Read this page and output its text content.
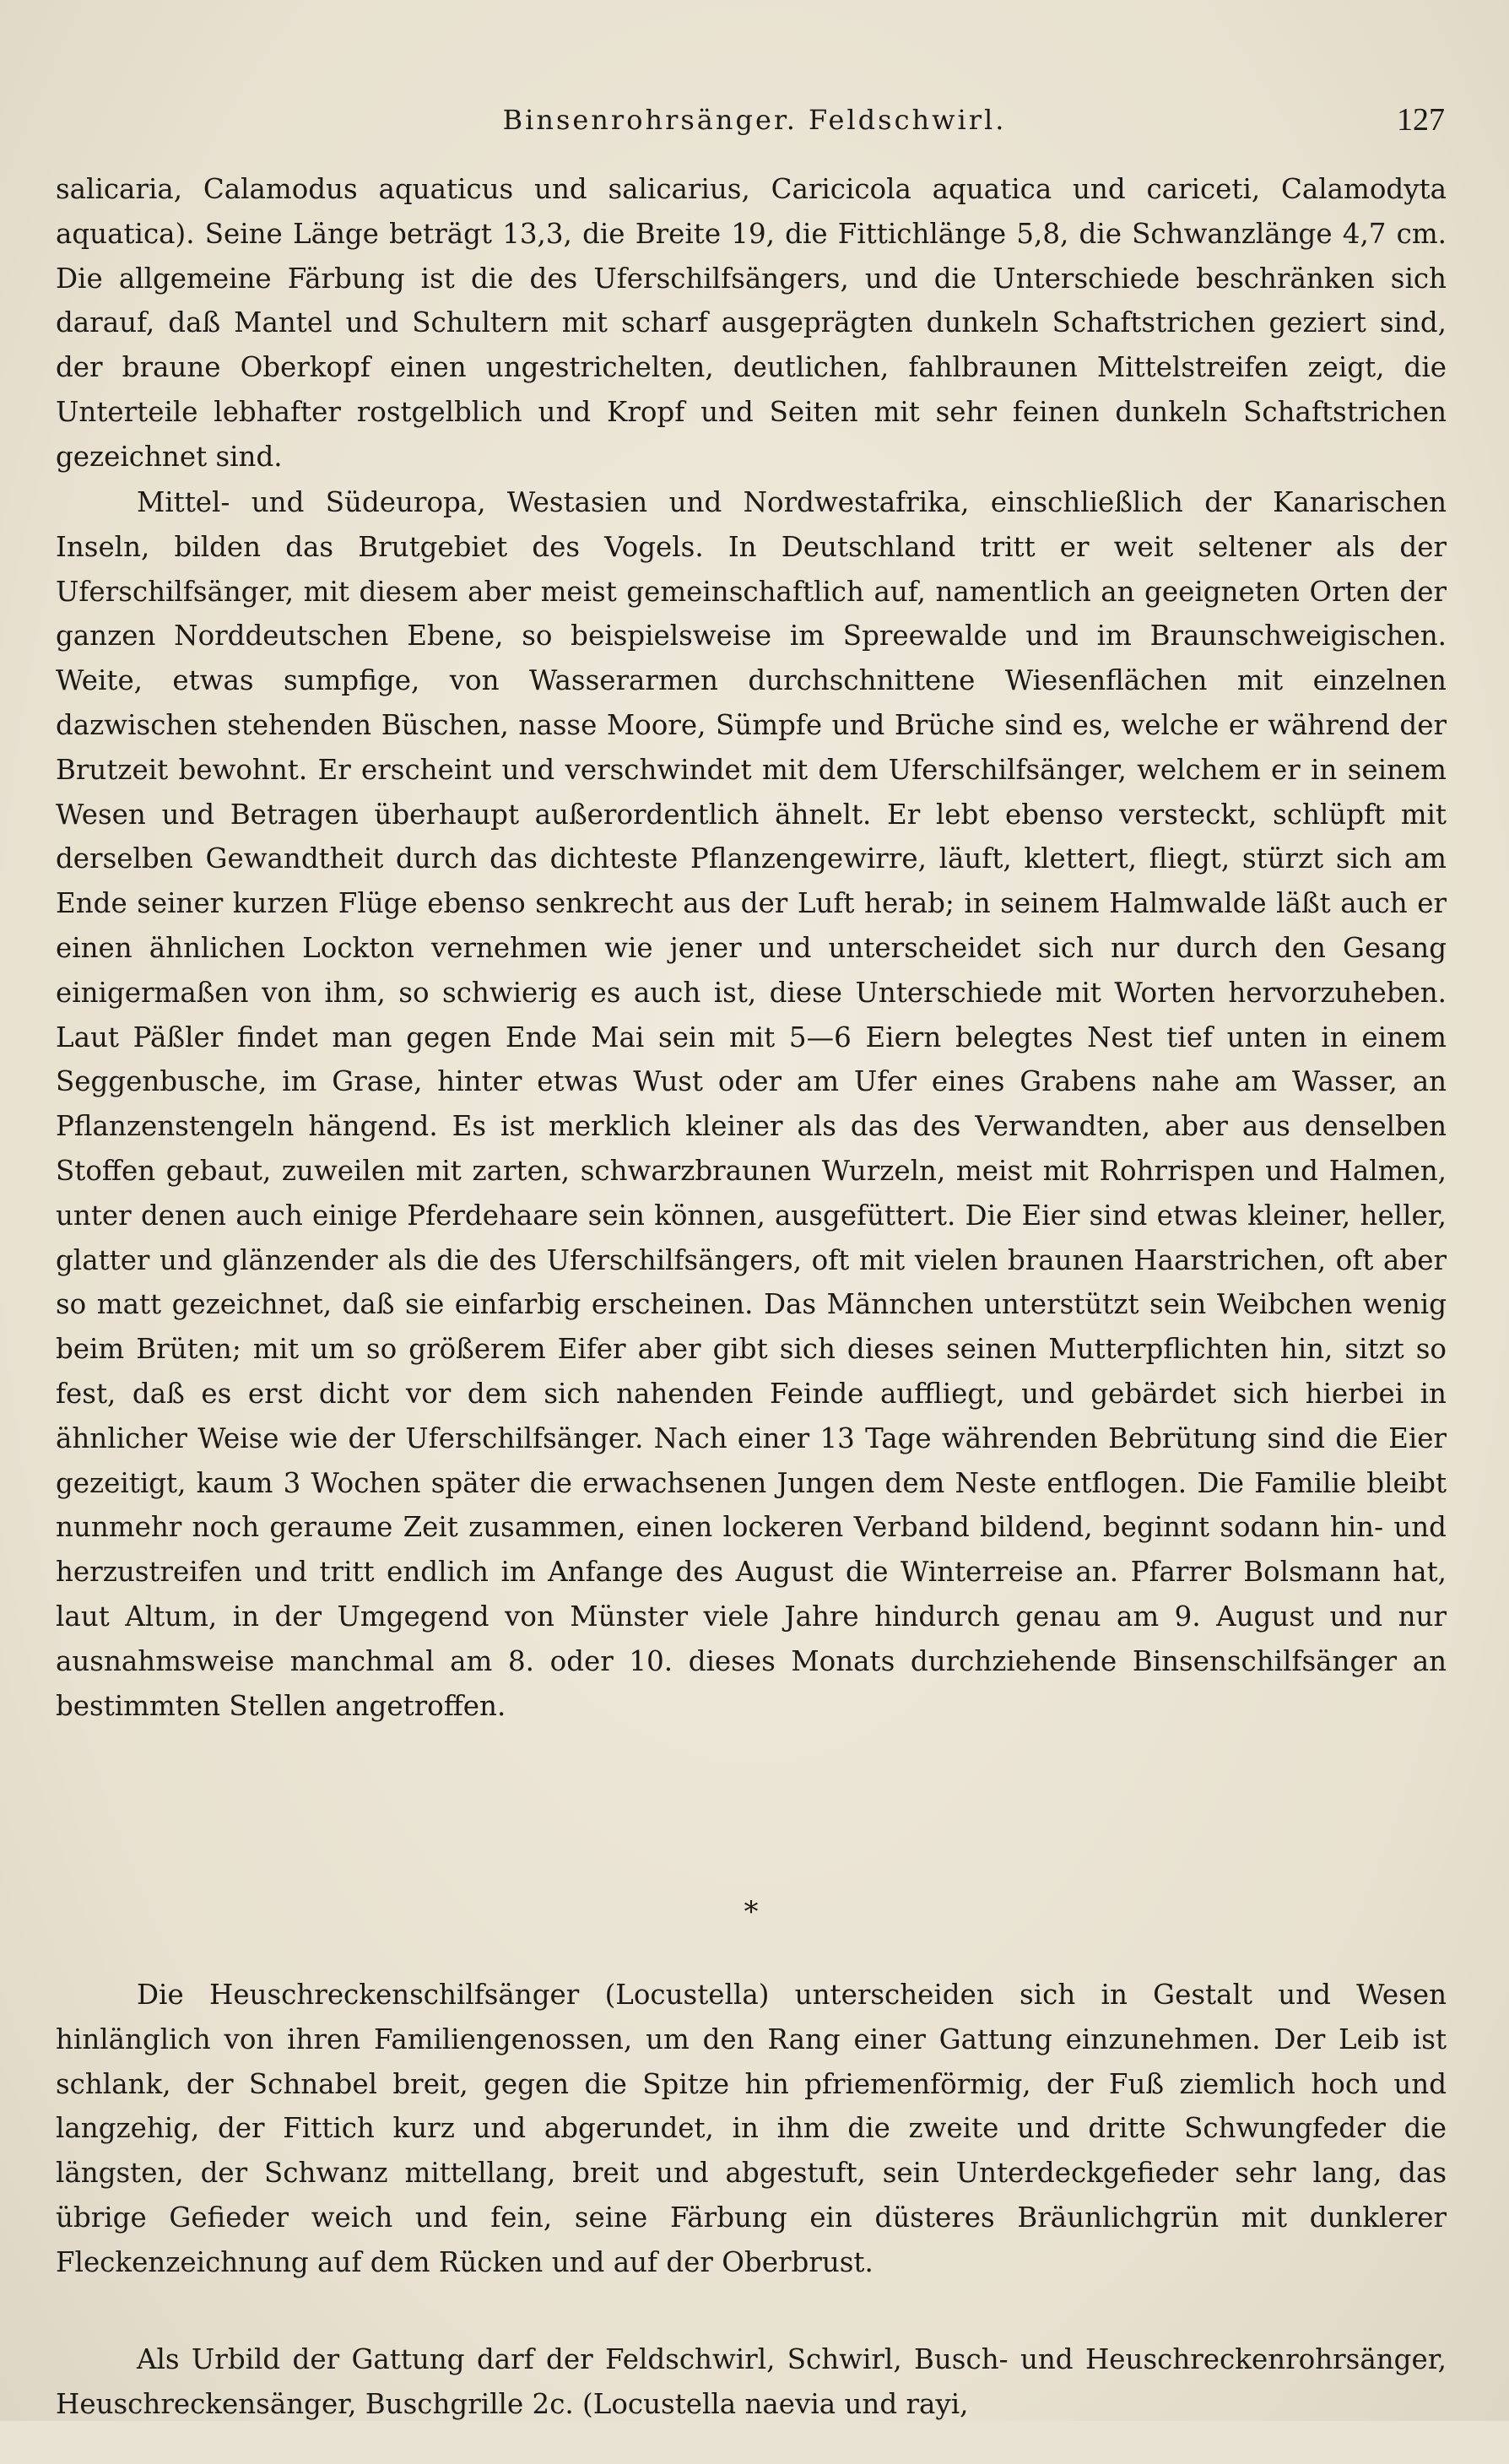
Binsenrohrsänger. Feldschwirl.	127

salicaria, Calamodus aquaticus und salicarius, Caricicola aquatica und cariceti, Calamodyta aquatica). Seine Länge beträgt 13,3, die Breite 19, die Fittichlänge 5,8, die Schwanzlänge 4,7 cm. Die allgemeine Färbung ist die des Uferschilfsängers, und die Unterschiede beschränken sich darauf, daß Mantel und Schultern mit scharf ausgeprägten dunkeln Schaftstrichen geziert sind, der braune Oberkopf einen ungestrichelten, deutlichen, fahlbraunen Mittelstreifen zeigt, die Unterteile lebhafter rostgelblich und Kropf und Seiten mit sehr feinen dunkeln Schaftstrichen gezeichnet sind.

Mittel- und Südeuropa, Westasien und Nordwestafrika, einschließlich der Kanarischen Inseln, bilden das Brutgebiet des Vogels. In Deutschland tritt er weit seltener als der Uferschilfsänger, mit diesem aber meist gemeinschaftlich auf, namentlich an geeigneten Orten der ganzen Norddeutschen Ebene, so beispielsweise im Spreewalde und im Braunschweigischen. Weite, etwas sumpfige, von Wasserarmen durchschnittene Wiesenflächen mit einzelnen dazwischen stehenden Büschen, nasse Moore, Sümpfe und Brüche sind es, welche er während der Brutzeit bewohnt. Er erscheint und verschwindet mit dem Uferschilfsänger, welchem er in seinem Wesen und Betragen überhaupt außerordentlich ähnelt. Er lebt ebenso versteckt, schlüpft mit derselben Gewandtheit durch das dichteste Pflanzengewirre, läuft, klettert, fliegt, stürzt sich am Ende seiner kurzen Flüge ebenso senkrecht aus der Luft herab; in seinem Halmwalde läßt auch er einen ähnlichen Lockton vernehmen wie jener und unterscheidet sich nur durch den Gesang einigermaßen von ihm, so schwierig es auch ist, diese Unterschiede mit Worten hervorzuheben. Laut Päßler findet man gegen Ende Mai sein mit 5—6 Eiern belegtes Nest tief unten in einem Seggenbusche, im Grase, hinter etwas Wust oder am Ufer eines Grabens nahe am Wasser, an Pflanzenstengeln hängend. Es ist merklich kleiner als das des Verwandten, aber aus denselben Stoffen gebaut, zuweilen mit zarten, schwarzbraunen Wurzeln, meist mit Rohrrispen und Halmen, unter denen auch einige Pferdehaare sein können, ausgefüttert. Die Eier sind etwas kleiner, heller, glatter und glänzender als die des Uferschilfsängers, oft mit vielen braunen Haarstrichen, oft aber so matt gezeichnet, daß sie einfarbig erscheinen. Das Männchen unterstützt sein Weibchen wenig beim Brüten; mit um so größerem Eifer aber gibt sich dieses seinen Mutterpflichten hin, sitzt so fest, daß es erst dicht vor dem sich nahenden Feinde auffliegt, und gebärdet sich hierbei in ähnlicher Weise wie der Uferschilfsänger. Nach einer 13 Tage währenden Bebrütung sind die Eier gezeitigt, kaum 3 Wochen später die erwachsenen Jungen dem Neste entflogen. Die Familie bleibt nunmehr noch geraume Zeit zusammen, einen lockeren Verband bildend, beginnt sodann hin- und herzustreifen und tritt endlich im Anfange des August die Winterreise an. Pfarrer Bolsmann hat, laut Altum, in der Umgegend von Münster viele Jahre hindurch genau am 9. August und nur ausnahmsweise manchmal am 8. oder 10. dieses Monats durchziehende Binsenschilfsänger an bestimmten Stellen angetroffen.

*

Die Heuschreckenschilfsänger (Locustella) unterscheiden sich in Gestalt und Wesen hinlänglich von ihren Familiengenossen, um den Rang einer Gattung einzunehmen. Der Leib ist schlank, der Schnabel breit, gegen die Spitze hin pfriemenförmig, der Fuß ziemlich hoch und langzehig, der Fittich kurz und abgerundet, in ihm die zweite und dritte Schwungfeder die längsten, der Schwanz mittellang, breit und abgestuft, sein Unterdeckgefieder sehr lang, das übrige Gefieder weich und fein, seine Färbung ein düsteres Bräunlichgrün mit dunklerer Fleckenzeichnung auf dem Rücken und auf der Oberbrust.

Als Urbild der Gattung darf der Feldschwirl, Schwirl, Busch- und Heuschreckenrohrsänger, Heuschreckensänger, Buschgrille 2c. (Locustella naevia und rayi,
